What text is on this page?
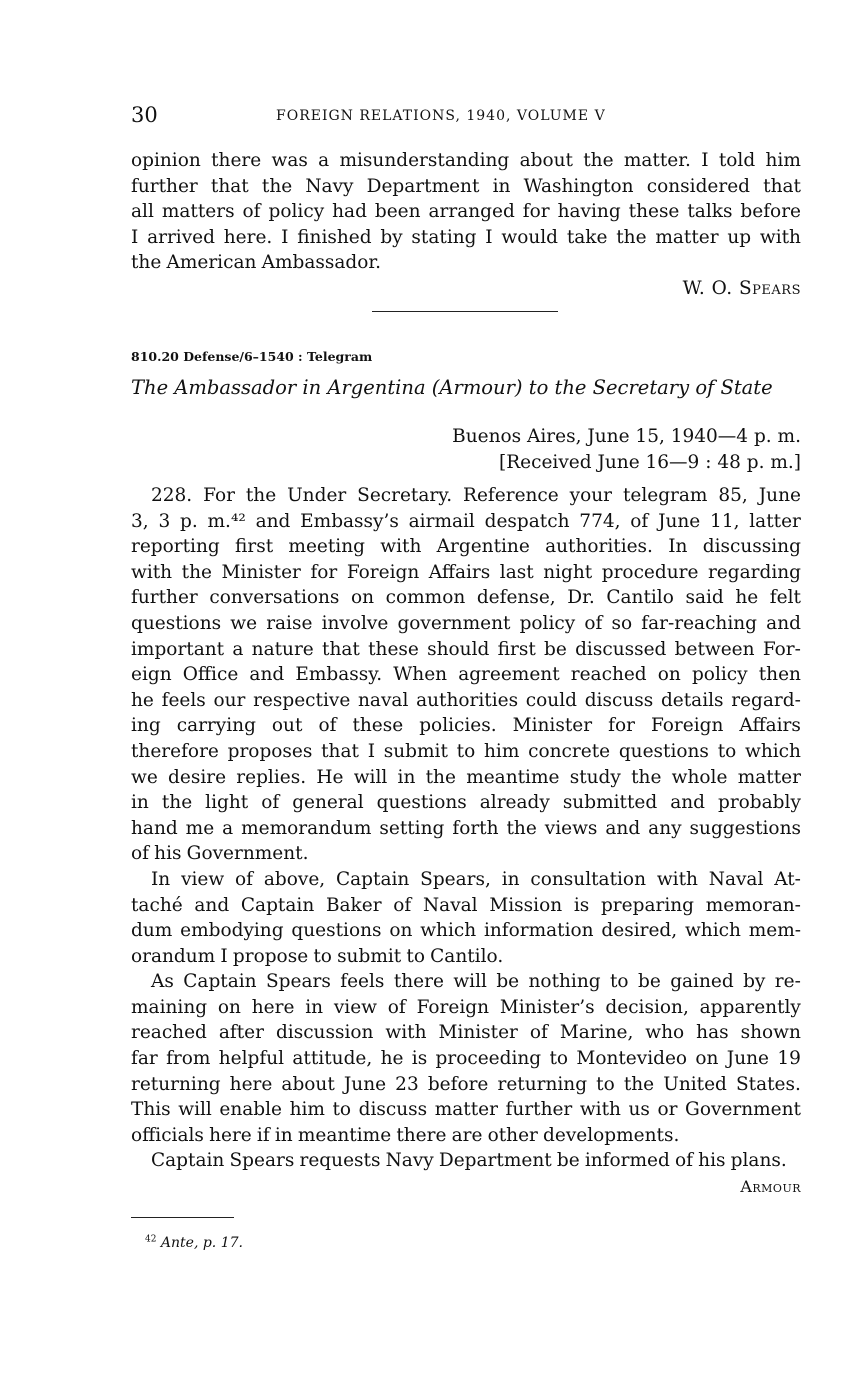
30	FOREIGN RELATIONS, 1940, VOLUME V
opinion there was a misunderstanding about the matter. I told him
further that the Navy Department in Washington considered that
all matters of policy had been arranged for having these talks before
I arrived here. I finished by stating I would take the matter up with
the American Ambassador.
W. O. Spears
810.20 Defense/6–1540 : Telegram
The Ambassador in Argentina (Armour) to the Secretary of State
Buenos Aires, June 15, 1940—4 p. m.
[Received June 16—9 : 48 p. m.]
228. For the Under Secretary. Reference your telegram 85, June
3, 3 p. m.⁴² and Embassy’s airmail despatch 774, of June 11, latter
reporting first meeting with Argentine authorities. In discussing
with the Minister for Foreign Affairs last night procedure regarding
further conversations on common defense, Dr. Cantilo said he felt
questions we raise involve government policy of so far-reaching and
important a nature that these should first be discussed between For-
eign Office and Embassy. When agreement reached on policy then
he feels our respective naval authorities could discuss details regard-
ing carrying out of these policies. Minister for Foreign Affairs
therefore proposes that I submit to him concrete questions to which
we desire replies. He will in the meantime study the whole matter
in the light of general questions already submitted and probably
hand me a memorandum setting forth the views and any suggestions
of his Government.
In view of above, Captain Spears, in consultation with Naval At-
taché and Captain Baker of Naval Mission is preparing memoran-
dum embodying questions on which information desired, which mem-
orandum I propose to submit to Cantilo.
As Captain Spears feels there will be nothing to be gained by re-
maining on here in view of Foreign Minister’s decision, apparently
reached after discussion with Minister of Marine, who has shown
far from helpful attitude, he is proceeding to Montevideo on June 19
returning here about June 23 before returning to the United States.
This will enable him to discuss matter further with us or Government
officials here if in meantime there are other developments.
Captain Spears requests Navy Department be informed of his plans.
Armour
$^{42}$ Ante, p. 17.
